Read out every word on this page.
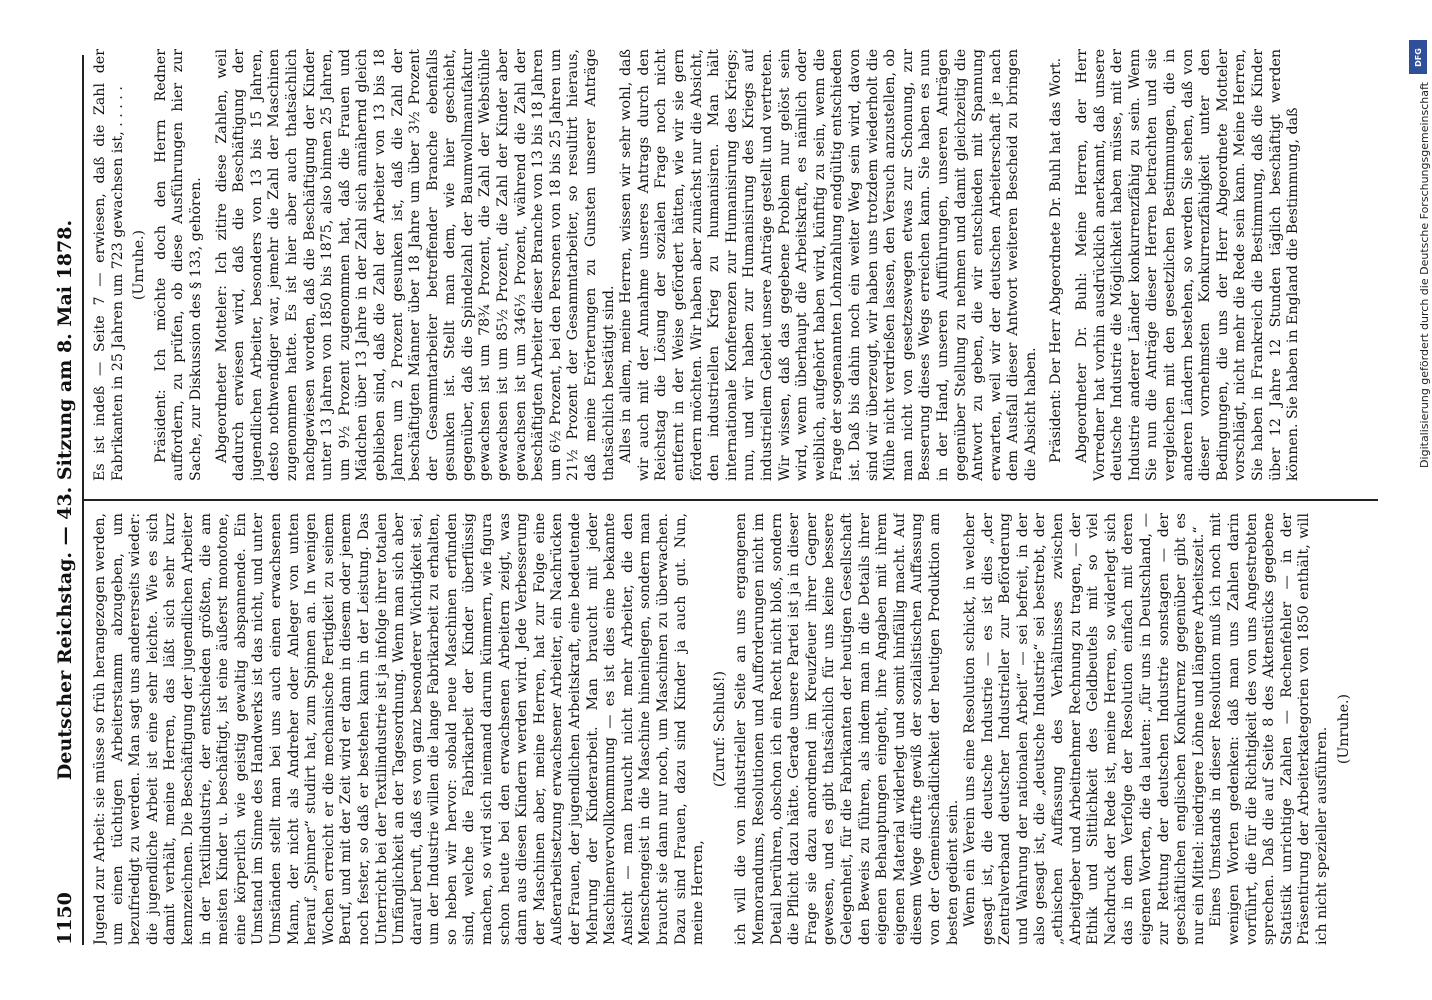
1150
Deutscher Reichstag. — 43. Sitzung am 8. Mai 1878. Jugend zur Arbeit: sie müsse so früh herangezogen werden, um einen tüchtigen Arbeiterstamm abzugeben, um bezufriedigt zu werden. Man sagt uns andererseits wieder: die jugendliche Arbeit ist eine sehr leichte. Wie es sich damit verhält, meine Herren, das läßt sich sehr kurz kennzeichnen. Die Beschäftigung der jugendlichen Arbeiter in der Textilindustrie, der entschieden größten, die am meisten Kinder u. beschäftigt, ist eine äußerst monotone, eine körperlich wie geistig gewaltig abspannende. Ein Umstand im Sinne des Handwerks ist das nicht, und unter Umständen stellt man bei uns auch einen erwachsenen Mann, der nicht als Andreher oder Anleger von unten herauf „Spinner“ studirt hat, zum Spinnen an. In wenigen Wochen erreicht er die mechanische Fertigkeit zu seinem Beruf, und mit der Zeit wird er dann in diesem oder jenem noch fester, so daß er bestehen kann in der Leistung. Das Unterricht bei der Textilindustrie ist ja infolge ihrer totalen Umfänglichkeit an der Tagesordnung. Wenn man sich aber darauf beruft, daß es von ganz besonderer Wichtigkeit sei, um der Industrie willen die lange Fabrikarbeit zu erhalten, so heben wir hervor: sobald neue Maschinen erfunden sind, welche die Fabrikarbeit der Kinder überflüssig machen, so wird sich niemand darum kümmern, wie figura schon heute bei den erwachsenen Arbeitern zeigt, was dann aus diesen Kindern werden wird. Jede Verbesserung der Maschinen aber, meine Herren, hat zur Folge eine Außerarbeitsetzung erwachsener Arbeiter, ein Nachrücken der Frauen, der jugendlichen Arbeitskraft, eine bedeutende Mehrung der Kinderarbeit. Man braucht mit jeder Maschinenvervollkommnung — es ist dies eine bekannte Ansicht — man braucht nicht mehr Arbeiter, die den Menschengeist in die Maschine hineinlegen, sondern man braucht sie dann nur noch, um Maschinen zu überwachen. Dazu sind Frauen, dazu sind Kinder ja auch gut. Nun, meine Herren,

(Zuruf: Schluß!) ich will die von industrieller Seite an uns ergangenen Memorandums, Resolutionen und Aufforderungen nicht im Detail berühren, obschon ich ein Recht nicht bloß, sondern die Pflicht dazu hätte. Gerade unsere Partei ist ja in dieser Frage sie dazu anordnend im Kreuzfeuer ihrer Gegner gewesen, und es gibt thatsächlich für uns keine bessere Gelegenheit, für die Fabrikanten der heutigen Gesellschaft den Beweis zu führen, als indem man in die Details ihrer eigenen Behauptungen eingeht, ihre Angaben mit ihrem eigenen Material widerlegt und somit hinfällig macht. Auf diesem Wege dürfte gewiß der sozialistischen Auffassung von der Gemeinschädlichkeit der heutigen Produktion am besten gedient sein. Wenn ein Verein uns eine Resolution schickt, in welcher gesagt ist, die deutsche Industrie — es ist dies „der Zentralverband deutscher Industrieller zur Beförderung und Wahrung der nationalen Arbeit“ — sei befreit, in der also gesagt ist, die „deutsche Industrie“ sei bestrebt, der „ethischen Auffassung des Verhältnisses zwischen Arbeitgeber und Arbeitnehmer Rechnung zu tragen, — der Ethik und Sittlichkeit des Geldbeutels mit so viel Nachdruck der Rede ist, meine Herren, so widerlegt sich das in dem Verfolge der Resolution einfach mit deren eigenen Worten, die da lauten: „für uns in Deutschland, — zur Rettung der deutschen Industrie sonstagen — der geschäftlichen englischen Konkurrenz gegenüber gibt es nur ein Mittel: niedrigere Löhne und längere Arbeitszeit.“ Eines Umstands in dieser Resolution muß ich noch mit wenigen Worten gedenken: daß man uns Zahlen darin vorführt, die für die Richtigkeit des von uns Angestrebten sprechen. Daß die auf Seite 8 des Aktenstücks gegebene Statistik unrichtige Zahlen — Rechenfehler — in der Präsentirung der Arbeiterkategorien von 1850 enthält, will ich nicht spezieller ausführen. (Unruhe.)

Es ist indeß — Seite 7 — erwiesen, daß die Zahl der Fabrikanten in 25 Jahren um 723 gewachsen ist, . . . . . (Unruhe.) Präsident: Ich möchte doch den Herrn Redner auffordern, zu prüfen, ob diese Ausführungen hier zur Sache, zur Diskussion des § 133, gehören. Abgeordneter Motteler: Ich zitire diese Zahlen, weil dadurch erwiesen wird, daß die Beschäftigung der jugendlichen Arbeiter, besonders von 13 bis 15 Jahren, desto nothwendiger war, jemehr die Zahl der Maschinen zugenommen hatte. Es ist hier aber auch thatsächlich nachgewiesen worden, daß die Beschäftigung der Kinder unter 13 Jahren von 1850 bis 1875, also binnen 25 Jahren, um 9½ Prozent zugenommen hat, daß die Frauen und Mädchen über 13 Jahre in der Zahl sich annähernd gleich geblieben sind, daß die Zahl der Arbeiter von 13 bis 18 Jahren um 2 Prozent gesunken ist, daß die Zahl der beschäftigten Männer über 18 Jahre um über 3½ Prozent der Gesammtarbeiter betreffender Branche ebenfalls gesunken ist. Stellt man dem, wie hier geschieht, gegenüber, daß die Spindelzahl der Baumwollmanufaktur gewachsen ist um 78¾ Prozent, die Zahl der Webstühle gewachsen ist um 85½ Prozent, die Zahl der Kinder aber gewachsen ist um 346⅓ Prozent, während die Zahl der beschäftigten Arbeiter dieser Branche von 13 bis 18 Jahren um 6½ Prozent, bei den Personen von 18 bis 25 Jahren um 21½ Prozent der Gesammtarbeiter, so resultirt hieraus, daß meine Erörterungen zu Gunsten unserer Anträge thatsächlich bestätigt sind. Alles in allem, meine Herren, wissen wir sehr wohl, daß wir auch mit der Annahme unseres Antrags durch den Reichstag die Lösung der sozialen Frage noch nicht entfernt in der Weise gefördert hätten, wie wir sie gern fördern möchten. Wir haben aber zunächst nur die Absicht, den industriellen Krieg zu humanisiren. Man hält internationale Konferenzen zur Humanisirung des Kriegs; nun, und wir haben zur Humanisirung des Kriegs auf industriellem Gebiet unsere Anträge gestellt und vertreten. Wir wissen, daß das gegebene Problem nur gelöst sein wird, wenn überhaupt die Arbeitskraft, es nämlich oder weiblich, aufgehört haben wird, künftig zu sein, wenn die Frage der sogenannten Lohnzahlung endgültig entschieden ist. Daß bis dahin noch ein weiter Weg sein wird, davon sind wir überzeugt, wir haben uns trotzdem wiederholt die Mühe nicht verdrießen lassen, den Versuch anzustellen, ob man nicht von gesetzeswegen etwas zur Schonung, zur Besserung dieses Wegs erreichen kann. Sie haben es nun in der Hand, unseren Aufführungen, unseren Anträgen gegenüber Stellung zu nehmen und damit gleichzeitig die Antwort zu geben, die wir entschieden mit Spannung erwarten, weil wir der deutschen Arbeiterschaft je nach dem Ausfall dieser Antwort weiteren Bescheid zu bringen die Absicht haben. Präsident: Der Herr Abgeordnete Dr. Buhl hat das Wort. Abgeordneter Dr. Buhl: Meine Herren, der Herr Vorredner hat vorhin ausdrücklich anerkannt, daß unsere deutsche Industrie die Möglichkeit haben müsse, mit der Industrie anderer Länder konkurrenzfähig zu sein. Wenn Sie nun die Anträge dieser Herren betrachten und sie vergleichen mit den gesetzlichen Bestimmungen, die in anderen Ländern bestehen, so werden Sie sehen, daß von dieser vornehmsten Konkurrenzfähigkeit unter den Bedingungen, die uns der Herr Abgeordnete Motteler vorschlägt, nicht mehr die Rede sein kann. Meine Herren, Sie haben in Frankreich die Bestimmung, daß die Kinder über 12 Jahre 12 Stunden täglich beschäftigt werden können. Sie haben in England die Bestimmung, daß

DFG
Digitalisierung gefördert durch die Deutsche Forschungsgemeinschaft
